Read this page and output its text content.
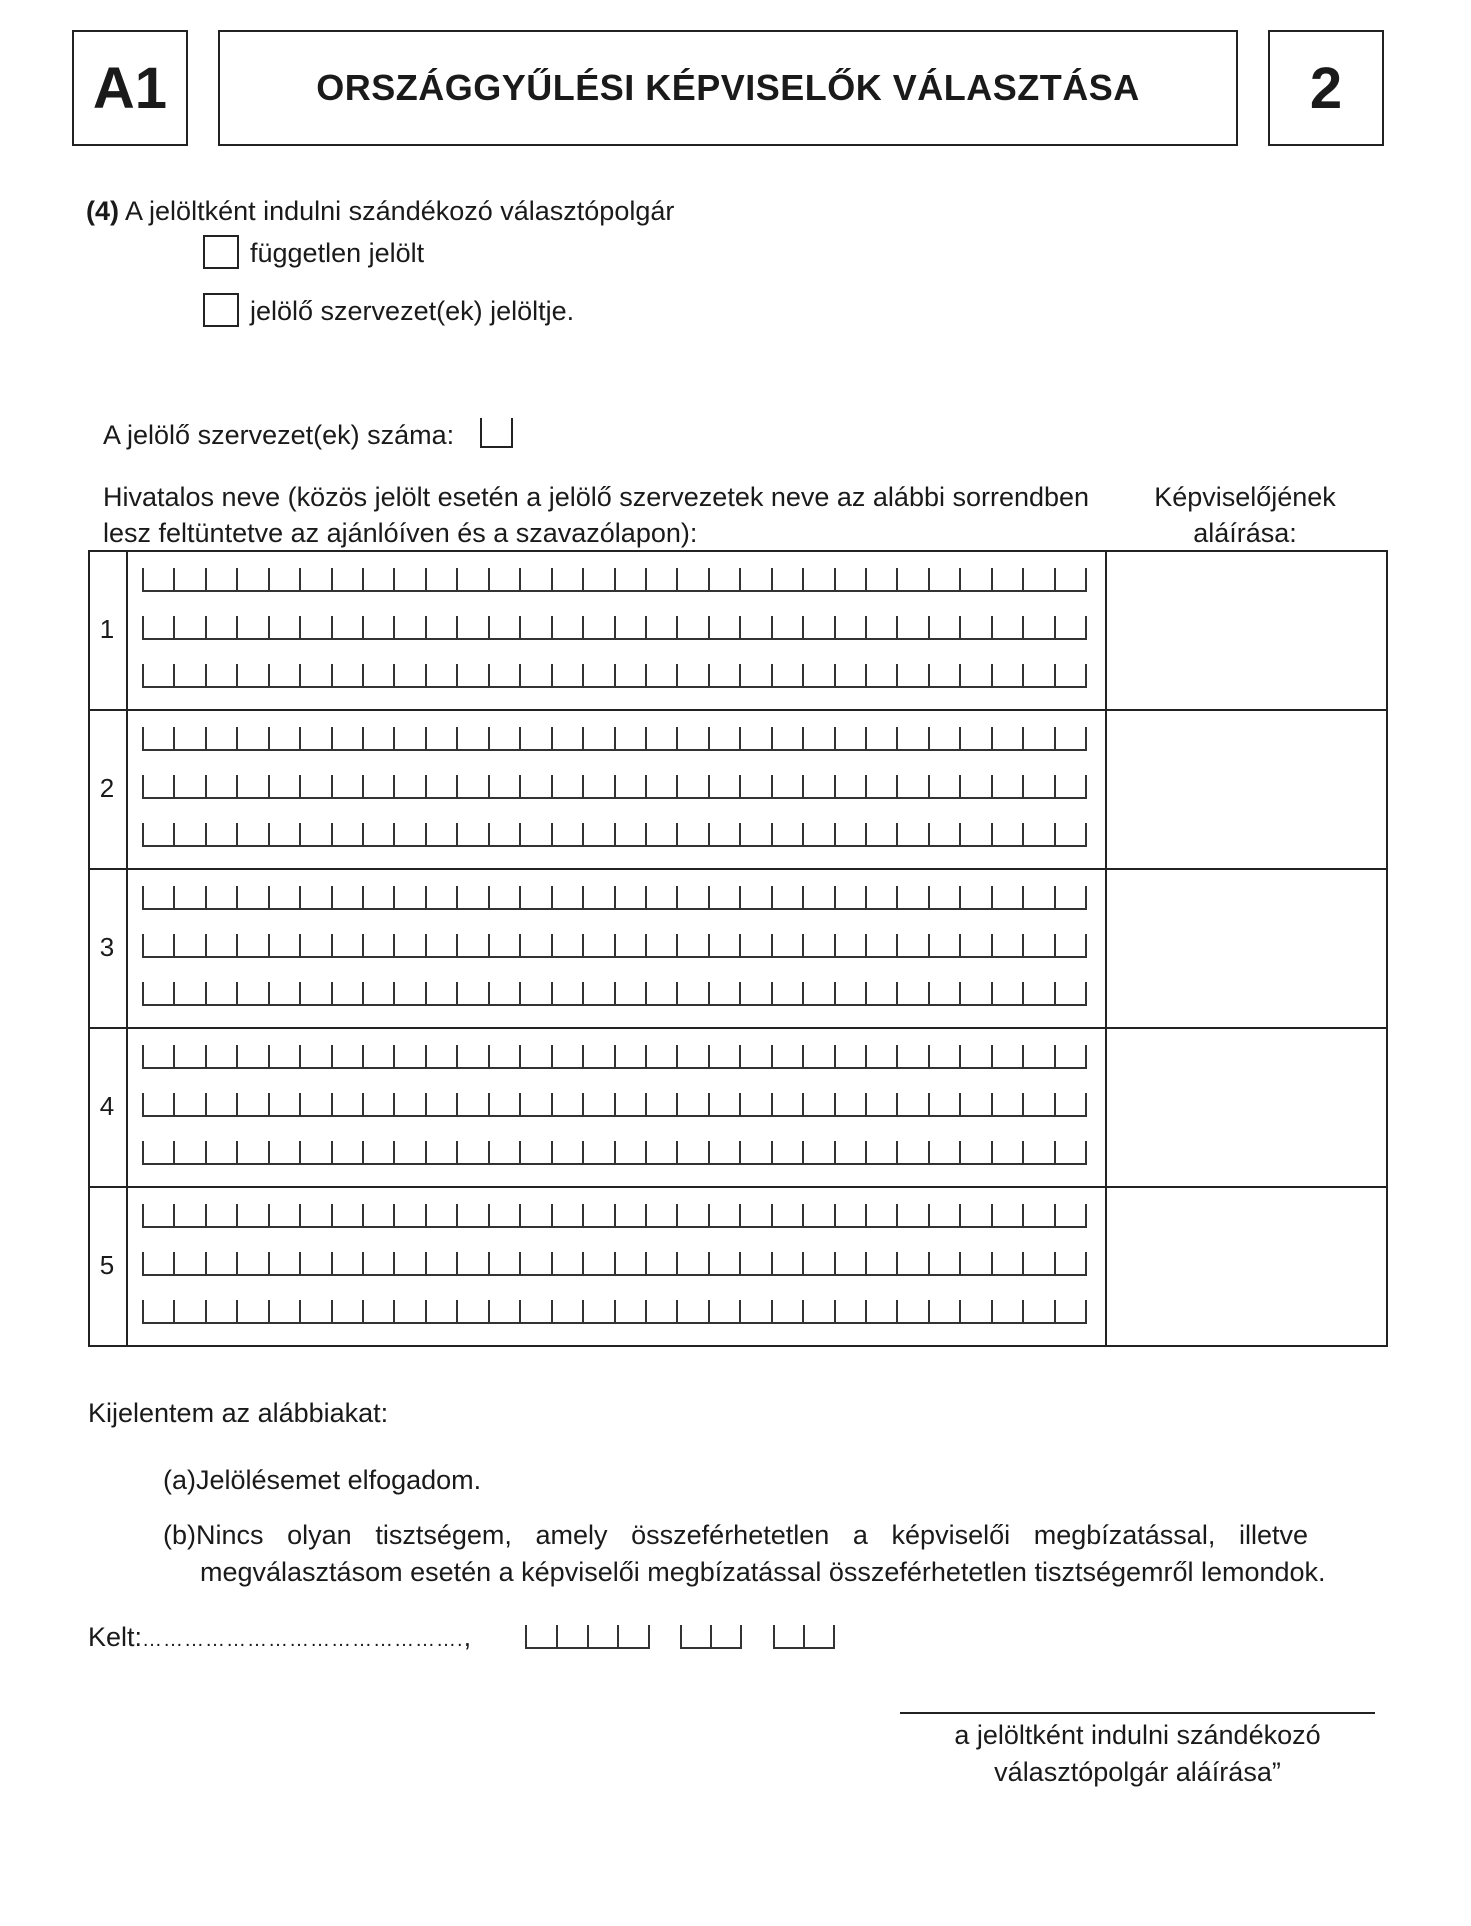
A1	ORSZÁGGYŰLÉSI KÉPVISELŐK VÁLASZTÁSA	2
(4) A jelöltként indulni szándékozó választópolgár
független jelölt
jelölő szervezet(ek) jelöltje.
A jelölő szervezet(ek) száma:
Hivatalos neve (közös jelölt esetén a jelölő szervezetek neve az alábbi sorrendben
lesz feltüntetve az ajánlóíven és a szavazólapon):
Képviselőjének
aláírása:
1
2
3
4
5
Kijelentem az alábbiakat:
(a)Jelölésemet elfogadom.
(b) Nincs olyan tisztségem, amely összeférhetetlen a képviselői megbízatással, illetve
megválasztásom esetén a képviselői megbízatással összeférhetetlen tisztségemről lemondok.
Kelt:……………………………………….,
a jelöltként indulni szándékozó
választópolgár aláírása”
